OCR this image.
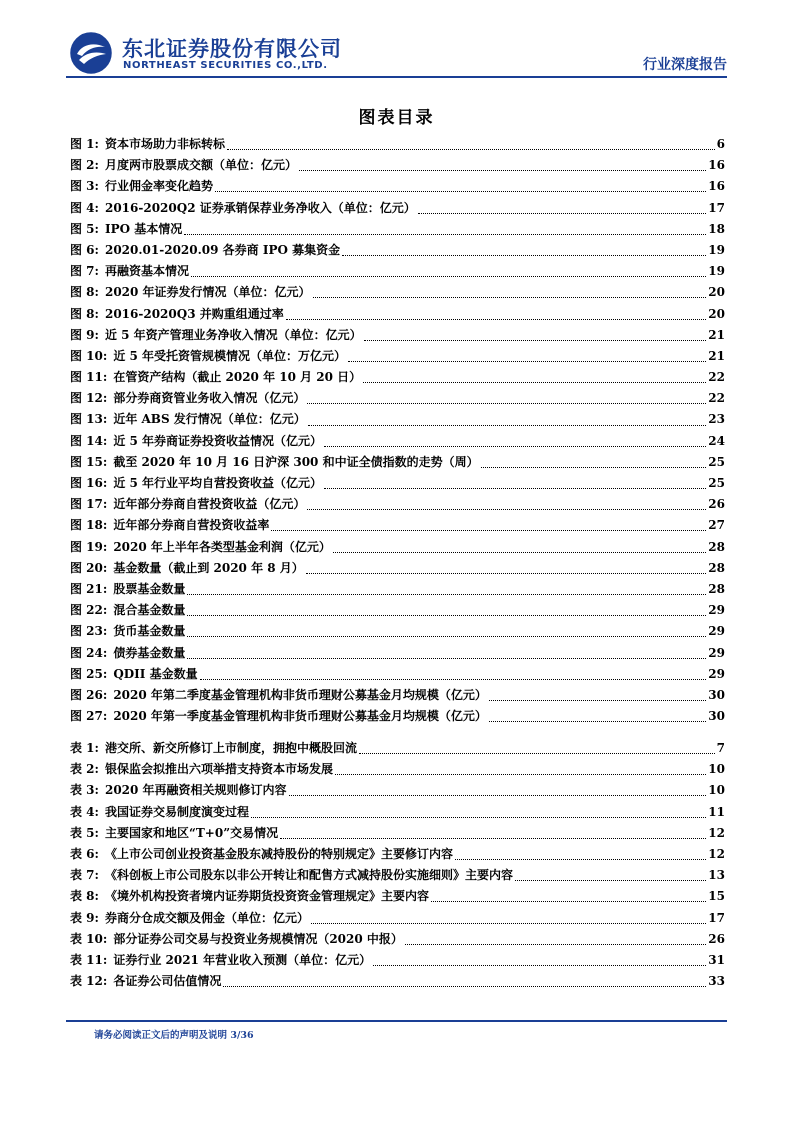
东北证券股份有限公司
NORTHEAST SECURITIES CO.,LTD.	行业深度报告
图表目录
图 1: 资本市场助力非标转标	6
图 2: 月度两市股票成交额（单位：亿元）	16
图 3: 行业佣金率变化趋势	16
图 4: 2016-2020Q2 证券承销保荐业务净收入（单位：亿元）	17
图 5: IPO 基本情况	18
图 6: 2020.01-2020.09 各券商 IPO 募集资金	19
图 7: 再融资基本情况	19
图 8: 2020 年证券发行情况（单位：亿元）	20
图 8: 2016-2020Q3 并购重组通过率	20
图 9: 近 5 年资产管理业务净收入情况（单位：亿元）	21
图 10: 近 5 年受托资管规模情况（单位：万亿元）	21
图 11: 在管资产结构（截止 2020 年 10 月 20 日）	22
图 12: 部分券商资管业务收入情况（亿元）	22
图 13: 近年 ABS 发行情况（单位：亿元）	23
图 14: 近 5 年券商证券投资收益情况（亿元）	24
图 15: 截至 2020 年 10 月 16 日沪深 300 和中证全债指数的走势（周）	25
图 16: 近 5 年行业平均自营投资收益（亿元）	25
图 17: 近年部分券商自营投资收益（亿元）	26
图 18: 近年部分券商自营投资收益率	27
图 19: 2020 年上半年各类型基金利润（亿元）	28
图 20: 基金数量（截止到 2020 年 8 月）	28
图 21: 股票基金数量	28
图 22: 混合基金数量	29
图 23: 货币基金数量	29
图 24: 债券基金数量	29
图 25: QDII 基金数量	29
图 26: 2020 年第二季度基金管理机构非货币理财公募基金月均规模（亿元）	30
图 27: 2020 年第一季度基金管理机构非货币理财公募基金月均规模（亿元）	30
表 1: 港交所、新交所修订上市制度，拥抱中概股回流	7
表 2: 银保监会拟推出六项举措支持资本市场发展	10
表 3: 2020 年再融资相关规则修订内容	10
表 4: 我国证券交易制度演变过程	11
表 5: 主要国家和地区“T+0”交易情况	12
表 6: 《上市公司创业投资基金股东减持股份的特别规定》主要修订内容	12
表 7: 《科创板上市公司股东以非公开转让和配售方式减持股份实施细则》主要内容	13
表 8: 《境外机构投资者境内证券期货投资资金管理规定》主要内容	15
表 9: 券商分仓成交额及佣金（单位：亿元）	17
表 10: 部分证券公司交易与投资业务规模情况（2020 中报）	26
表 11: 证券行业 2021 年营业收入预测（单位：亿元）	31
表 12: 各证券公司估值情况	33
请务必阅读正文后的声明及说明 3/36
